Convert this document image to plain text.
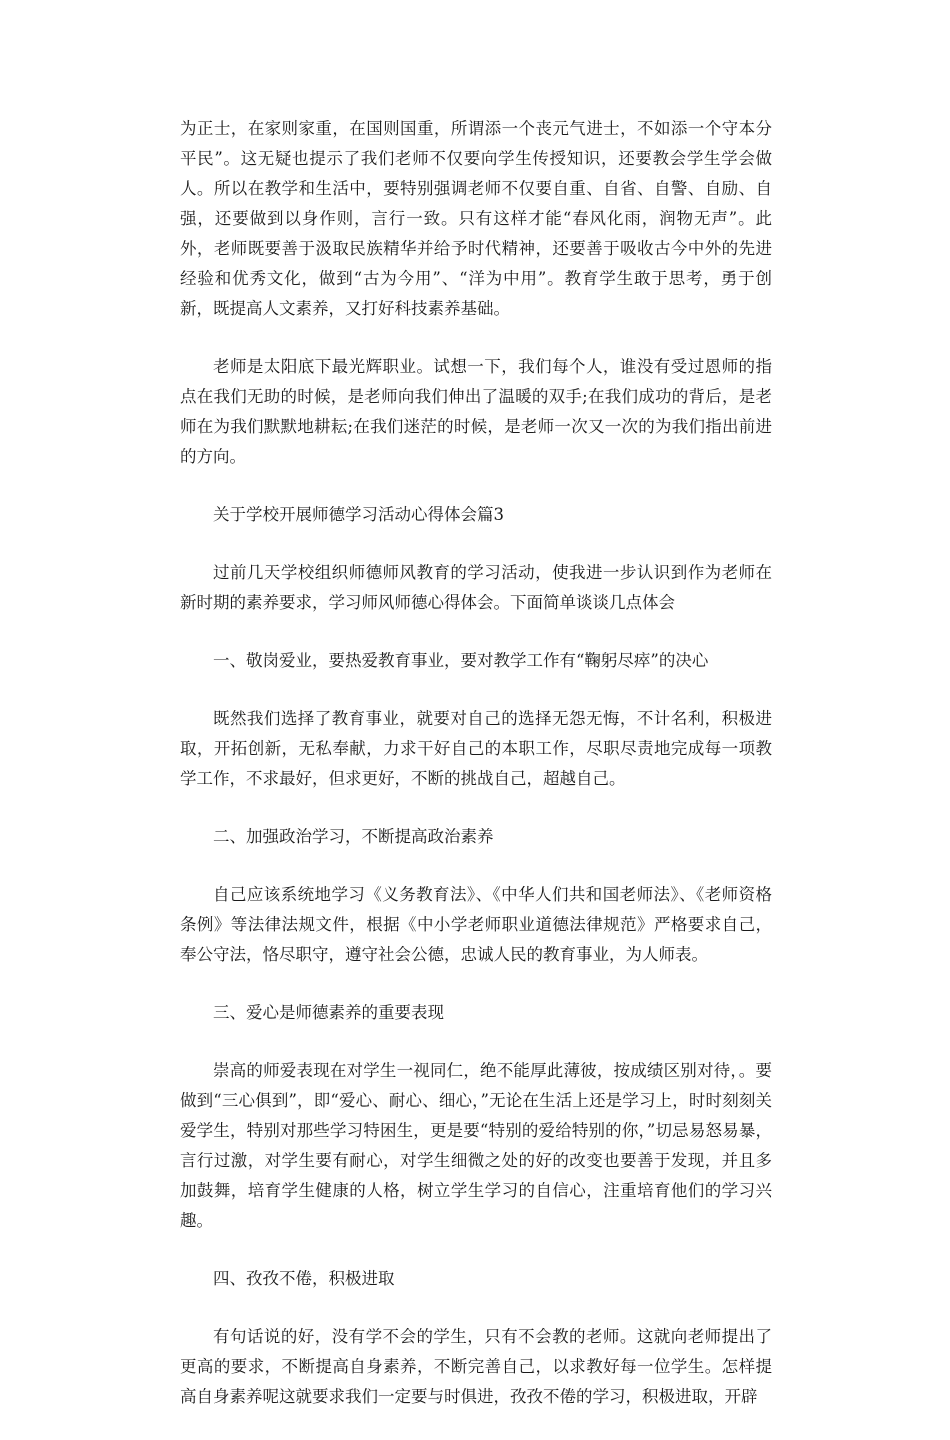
为正士，在家则家重，在国则国重，所谓添一个丧元气进士，不如添一个守本分平民”。这无疑也提示了我们老师不仅要向学生传授知识，还要教会学生学会做人。所以在教学和生活中，要特别强调老师不仅要自重、自省、自警、自励、自强，还要做到以身作则，言行一致。只有这样才能“春风化雨，润物无声”。此外，老师既要善于汲取民族精华并给予时代精神，还要善于吸收古今中外的先进经验和优秀文化，做到“古为今用”、“洋为中用”。教育学生敢于思考，勇于创新，既提高人文素养，又打好科技素养基础。

老师是太阳底下最光辉职业。试想一下，我们每个人，谁没有受过恩师的指点在我们无助的时候，是老师向我们伸出了温暖的双手;在我们成功的背后，是老师在为我们默默地耕耘;在我们迷茫的时候，是老师一次又一次的为我们指出前进的方向。

关于学校开展师德学习活动心得体会篇3

过前几天学校组织师德师风教育的学习活动，使我进一步认识到作为老师在新时期的素养要求，学习师风师德心得体会。下面简单谈谈几点体会

一、敬岗爱业，要热爱教育事业，要对教学工作有“鞠躬尽瘁”的决心

既然我们选择了教育事业，就要对自己的选择无怨无悔，不计名利，积极进取，开拓创新，无私奉献，力求干好自己的本职工作，尽职尽责地完成每一项教学工作，不求最好，但求更好，不断的挑战自己，超越自己。

二、加强政治学习，不断提高政治素养

自己应该系统地学习《义务教育法》、《中华人们共和国老师法》、《老师资格条例》等法律法规文件，根据《中小学老师职业道德法律规范》严格要求自己，奉公守法，恪尽职守，遵守社会公德，忠诚人民的教育事业，为人师表。

三、爱心是师德素养的重要表现

崇高的师爱表现在对学生一视同仁，绝不能厚此薄彼，按成绩区别对待，。要做到“三心俱到”，即“爱心、耐心、细心，”无论在生活上还是学习上，时时刻刻关爱学生，特别对那些学习特困生，更是要“特别的爱给特别的你，”切忌易怒易暴，言行过激，对学生要有耐心，对学生细微之处的好的改变也要善于发现，并且多加鼓舞，培育学生健康的人格，树立学生学习的自信心，注重培育他们的学习兴趣。

四、孜孜不倦，积极进取

有句话说的好，没有学不会的学生，只有不会教的老师。这就向老师提出了更高的要求，不断提高自身素养，不断完善自己，以求教好每一位学生。怎样提高自身素养呢这就要求我们一定要与时俱进，孜孜不倦的学习，积极进取，开辟
